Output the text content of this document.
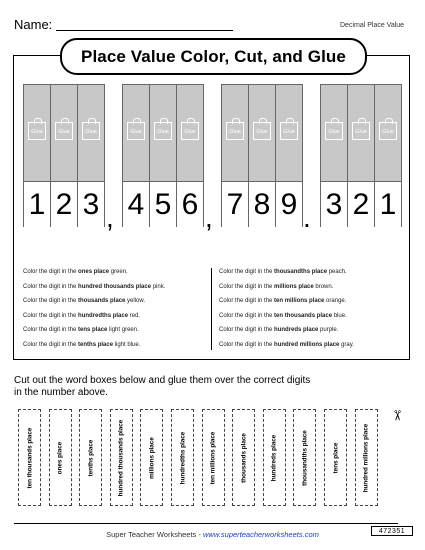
Name:	Decimal Place Value
Place Value Color, Cut, and Glue
Glue
1
Glue
2
Glue
3
Glue
4
Glue
5
Glue
6
Glue
7
Glue
8
Glue
9
Glue
3
Glue
2
Glue
1
,	,	.
Color the digit in the ones place green.
Color the digit in the hundred thousands place pink.
Color the digit in the thousands place yellow.
Color the digit in the hundredths place red.
Color the digit in the tens place light green.
Color the digit in the tenths place light blue.
Color the digit in the thousandths place peach.
Color the digit in the millions place brown.
Color the digit in the ten millions place orange.
Color the digit in the ten thousands place blue.
Color the digit in the hundreds place purple.
Color the digit in the hundred millions place gray.
Cut out the word boxes below and glue them over the correct digits in the number above.
✂
ten thousands place	ones place	tenths place	hundred thousands place	millions place	hundredths place	ten millions place	thousands place	hundreds place	thousandths place	tens place	hundred millions place
Super Teacher Worksheets - www.superteacherworksheets.com	472351
